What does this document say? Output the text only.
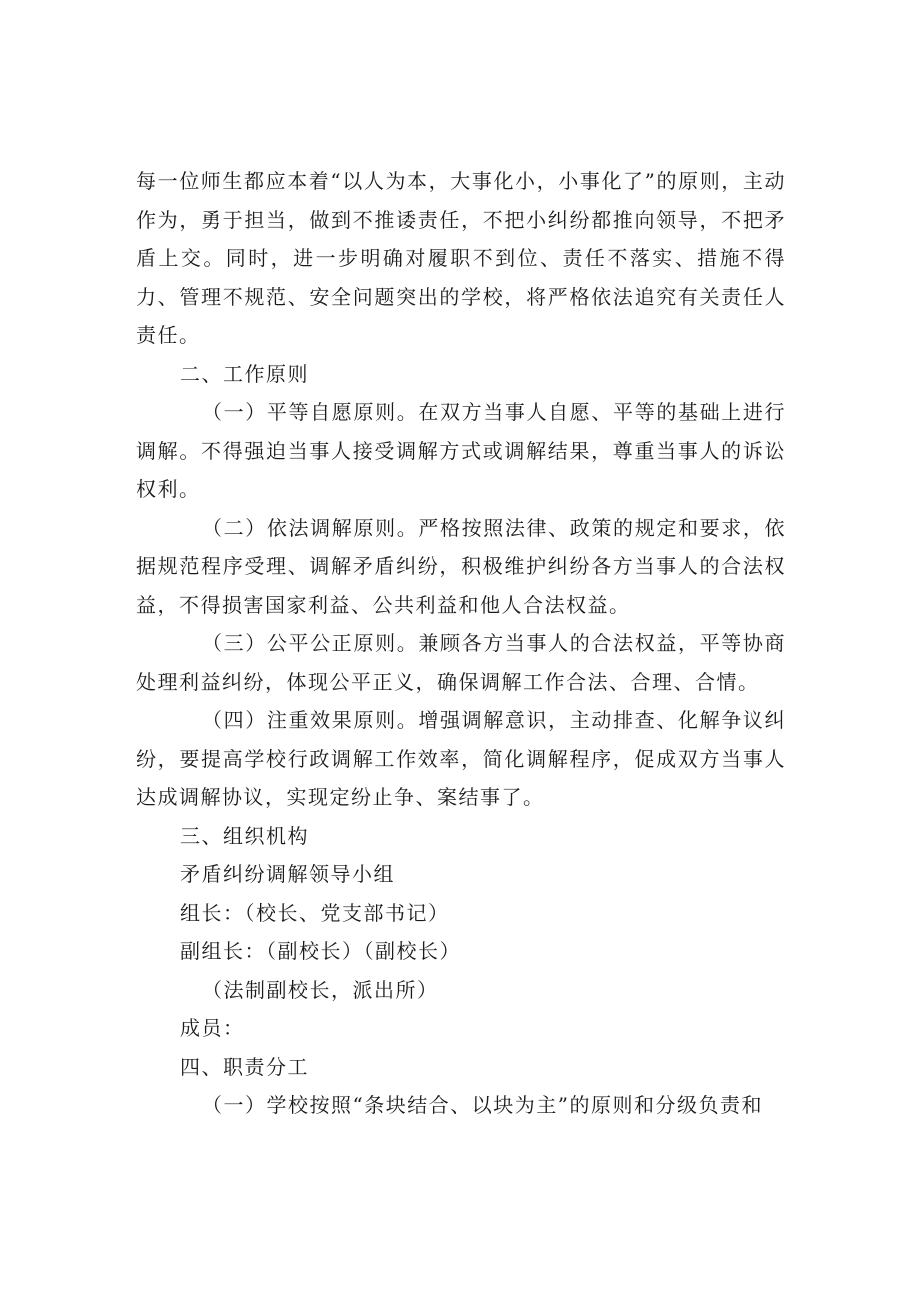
每一位师生都应本着“以人为本，大事化小，小事化了”的原则，主动作为，勇于担当，做到不推诿责任，不把小纠纷都推向领导，不把矛盾上交。同时，进一步明确对履职不到位、责任不落实、措施不得力、管理不规范、安全问题突出的学校，将严格依法追究有关责任人责任。

二、工作原则

（一）平等自愿原则。在双方当事人自愿、平等的基础上进行调解。不得强迫当事人接受调解方式或调解结果，尊重当事人的诉讼权利。

（二）依法调解原则。严格按照法律、政策的规定和要求，依据规范程序受理、调解矛盾纠纷，积极维护纠纷各方当事人的合法权益，不得损害国家利益、公共利益和他人合法权益。

（三）公平公正原则。兼顾各方当事人的合法权益，平等协商处理利益纠纷，体现公平正义，确保调解工作合法、合理、合情。

（四）注重效果原则。增强调解意识，主动排查、化解争议纠纷，要提高学校行政调解工作效率，简化调解程序，促成双方当事人达成调解协议，实现定纷止争、案结事了。

三、组织机构

矛盾纠纷调解领导小组

组长：（校长、党支部书记）

副组长：（副校长）（副校长）

（法制副校长，派出所）

成员：

四、职责分工

（一）学校按照“条块结合、以块为主”的原则和分级负责和
